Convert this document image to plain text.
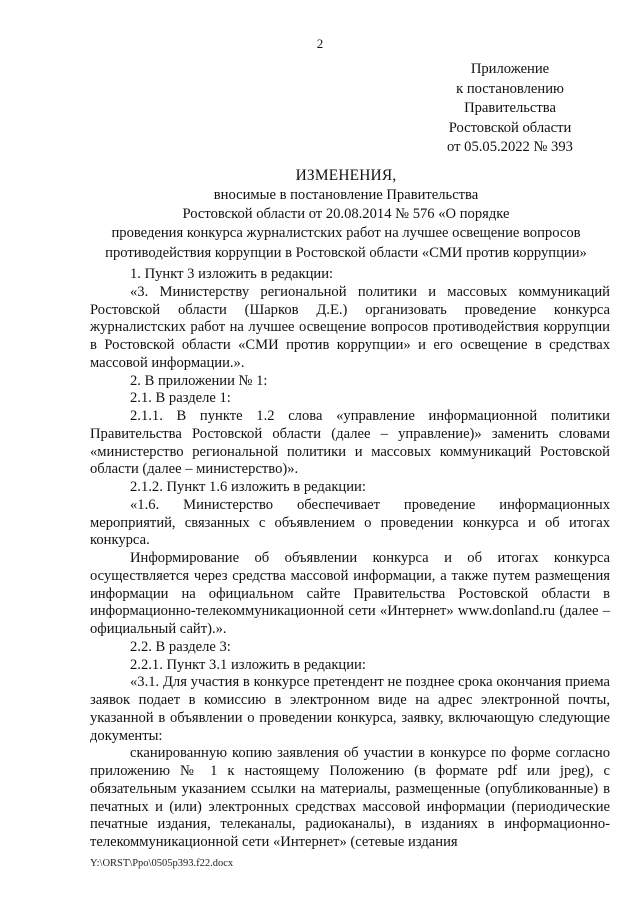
2
Приложение
к постановлению
Правительства
Ростовской области
от 05.05.2022 № 393
ИЗМЕНЕНИЯ,
вносимые в постановление Правительства
Ростовской области от 20.08.2014 № 576 «О порядке
проведения конкурса журналистских работ на лучшее освещение вопросов
противодействия коррупции в Ростовской области «СМИ против коррупции»

1. Пункт 3 изложить в редакции:

«3. Министерству региональной политики и массовых коммуникаций Ростовской области (Шарков Д.Е.) организовать проведение конкурса журналистских работ на лучшее освещение вопросов противодействия коррупции в Ростовской области «СМИ против коррупции» и его освещение в средствах массовой информации.».

2. В приложении № 1:

2.1. В разделе 1:

2.1.1. В пункте 1.2 слова «управление информационной политики Правительства Ростовской области (далее – управление)» заменить словами «министерство региональной политики и массовых коммуникаций Ростовской области (далее – министерство)».

2.1.2. Пункт 1.6 изложить в редакции:

«1.6. Министерство обеспечивает проведение информационных мероприятий, связанных с объявлением о проведении конкурса и об итогах конкурса.

Информирование об объявлении конкурса и об итогах конкурса осуществляется через средства массовой информации, а также путем размещения информации на официальном сайте Правительства Ростовской области в информационно-телекоммуникационной сети «Интернет» www.donland.ru (далее – официальный сайт).».

2.2. В разделе 3:

2.2.1. Пункт 3.1 изложить в редакции:

«3.1. Для участия в конкурсе претендент не позднее срока окончания приема заявок подает в комиссию в электронном виде на адрес электронной почты, указанной в объявлении о проведении конкурса, заявку, включающую следующие документы:

сканированную копию заявления об участии в конкурсе по форме согласно приложению № 1 к настоящему Положению (в формате pdf или jpeg), с обязательным указанием ссылки на материалы, размещенные (опубликованные) в печатных и (или) электронных средствах массовой информации (периодические печатные издания, телеканалы, радиоканалы), в изданиях в информационно-телекоммуникационной сети «Интернет» (сетевые издания

Y:\ORST\Ppo\0505p393.f22.docx
